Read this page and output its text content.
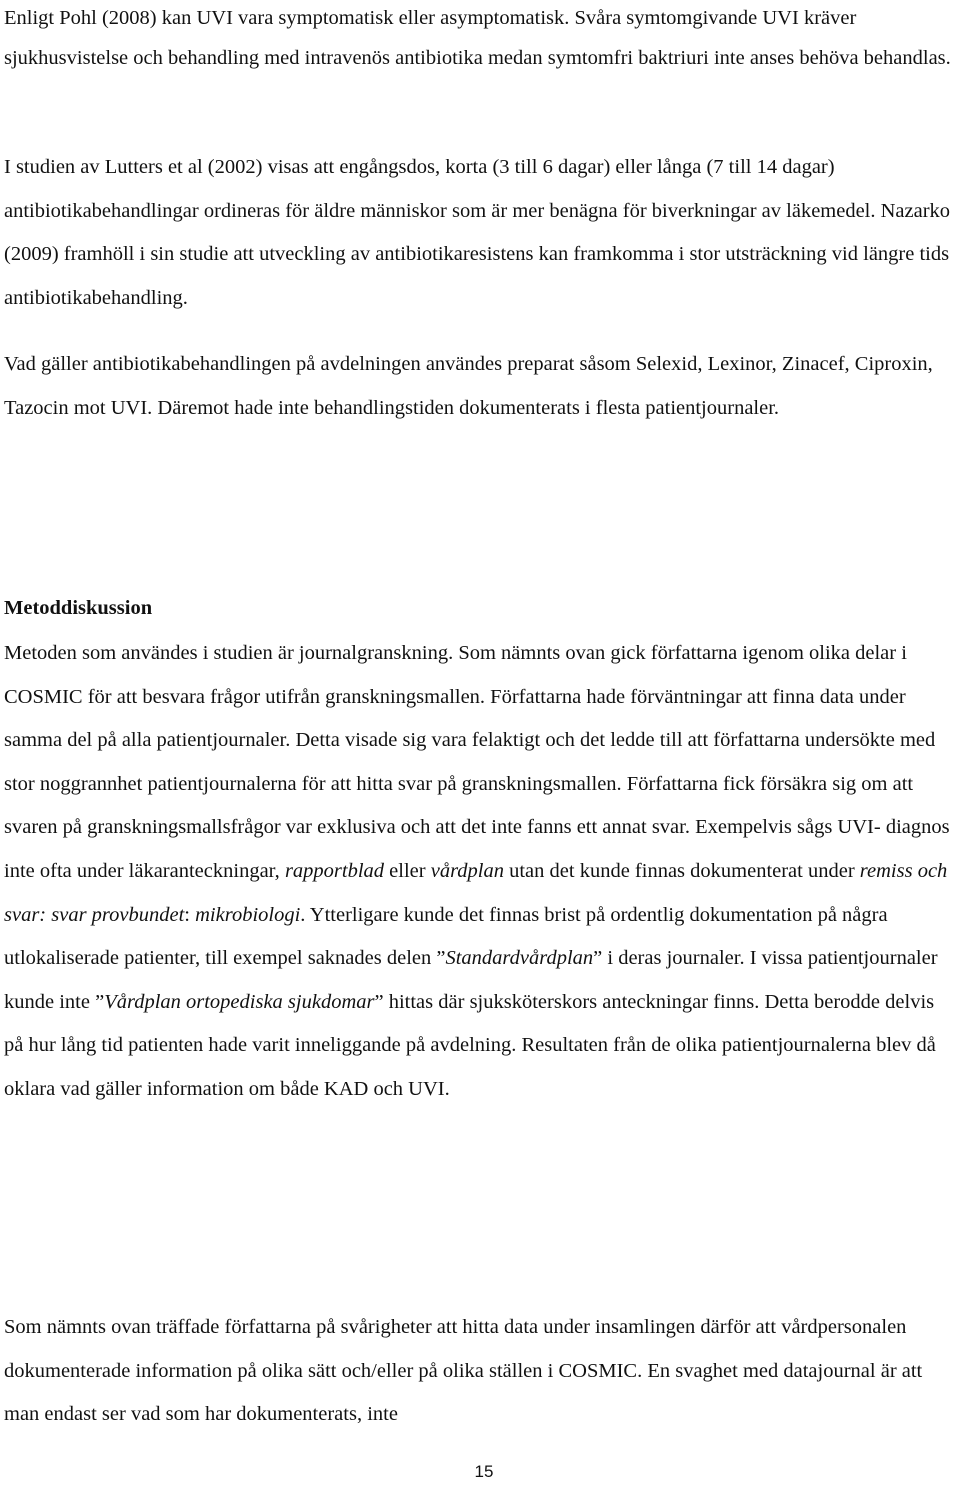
Enligt Pohl (2008) kan UVI vara symptomatisk eller asymptomatisk. Svåra symtomgivande UVI kräver sjukhusvistelse och behandling med intravenös antibiotika medan symtomfri baktriuri inte anses behöva behandlas.

I studien av Lutters et al (2002) visas att engångsdos, korta (3 till 6 dagar) eller långa (7 till 14 dagar) antibiotikabehandlingar ordineras för äldre människor som är mer benägna för biverkningar av läkemedel. Nazarko (2009) framhöll i sin studie att utveckling av antibiotikaresistens kan framkomma i stor utsträckning vid längre tids antibiotikabehandling.

Vad gäller antibiotikabehandlingen på avdelningen användes preparat såsom Selexid, Lexinor, Zinacef, Ciproxin, Tazocin mot UVI. Däremot hade inte behandlingstiden dokumenterats i flesta patientjournaler.

Metoddiskussion

Metoden som användes i studien är journalgranskning. Som nämnts ovan gick författarna igenom olika delar i COSMIC för att besvara frågor utifrån granskningsmallen. Författarna hade förväntningar att finna data under samma del på alla patientjournaler. Detta visade sig vara felaktigt och det ledde till att författarna undersökte med stor noggrannhet patientjournalerna för att hitta svar på granskningsmallen. Författarna fick försäkra sig om att svaren på granskningsmallsfrågor var exklusiva och att det inte fanns ett annat svar. Exempelvis sågs UVI- diagnos inte ofta under läkaranteckningar, rapportblad eller vårdplan utan det kunde finnas dokumenterat under remiss och svar: svar provbundet: mikrobiologi. Ytterligare kunde det finnas brist på ordentlig dokumentation på några utlokaliserade patienter, till exempel saknades delen ”Standardvårdplan” i deras journaler. I vissa patientjournaler kunde inte ”Vårdplan ortopediska sjukdomar” hittas där sjuksköterskors anteckningar finns. Detta berodde delvis på hur lång tid patienten hade varit inneliggande på avdelning. Resultaten från de olika patientjournalerna blev då oklara vad gäller information om både KAD och UVI.

Som nämnts ovan träffade författarna på svårigheter att hitta data under insamlingen därför att vårdpersonalen dokumenterade information på olika sätt och/eller på olika ställen i COSMIC. En svaghet med datajournal är att man endast ser vad som har dokumenterats, inte

15
